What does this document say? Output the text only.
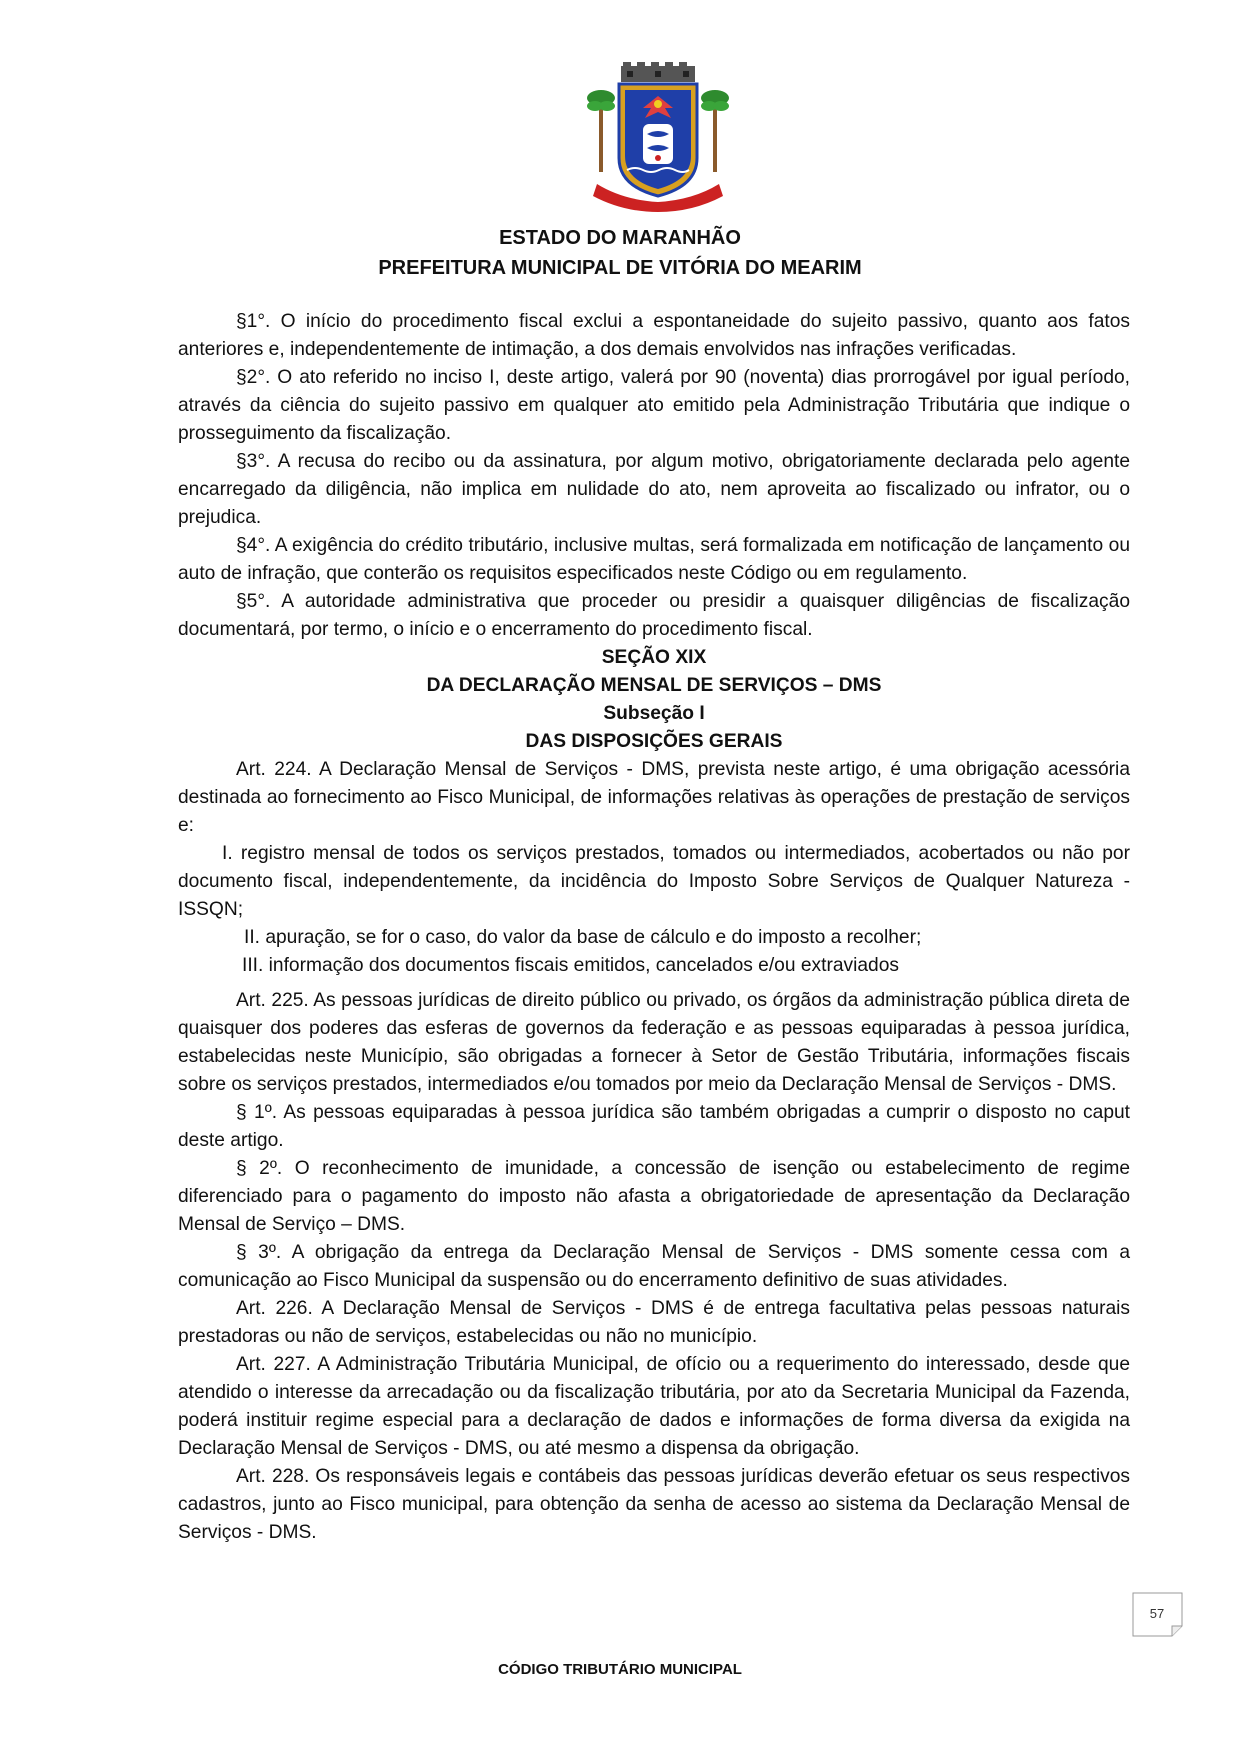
ESTADO DO MARANHÃO
PREFEITURA MUNICIPAL DE VITÓRIA DO MEARIM

§1°. O início do procedimento fiscal exclui a espontaneidade do sujeito passivo, quanto aos fatos anteriores e, independentemente de intimação, a dos demais envolvidos nas infrações verificadas.

§2°. O ato referido no inciso I, deste artigo, valerá por 90 (noventa) dias prorrogável por igual período, através da ciência do sujeito passivo em qualquer ato emitido pela Administração Tributária que indique o prosseguimento da fiscalização.

§3°. A recusa do recibo ou da assinatura, por algum motivo, obrigatoriamente declarada pelo agente encarregado da diligência, não implica em nulidade do ato, nem aproveita ao fiscalizado ou infrator, ou o prejudica.

§4°. A exigência do crédito tributário, inclusive multas, será formalizada em notificação de lançamento ou auto de infração, que conterão os requisitos especificados neste Código ou em regulamento.

§5°. A autoridade administrativa que proceder ou presidir a quaisquer diligências de fiscalização documentará, por termo, o início e o encerramento do procedimento fiscal.

SEÇÃO XIX

DA DECLARAÇÃO MENSAL DE SERVIÇOS – DMS

Subseção I

DAS DISPOSIÇÕES GERAIS

Art. 224. A Declaração Mensal de Serviços - DMS, prevista neste artigo, é uma obrigação acessória destinada ao fornecimento ao Fisco Municipal, de informações relativas às operações de prestação de serviços e:

I. registro mensal de todos os serviços prestados, tomados ou intermediados, acobertados ou não por documento fiscal, independentemente, da incidência do Imposto Sobre Serviços de Qualquer Natureza - ISSQN;

II. apuração, se for o caso, do valor da base de cálculo e do imposto a recolher;

III. informação dos documentos fiscais emitidos, cancelados e/ou extraviados

Art. 225. As pessoas jurídicas de direito público ou privado, os órgãos da administração pública direta de quaisquer dos poderes das esferas de governos da federação e as pessoas equiparadas à pessoa jurídica, estabelecidas neste Município, são obrigadas a fornecer à Setor de Gestão Tributária, informações fiscais sobre os serviços prestados, intermediados e/ou tomados por meio da Declaração Mensal de Serviços - DMS.

§ 1º. As pessoas equiparadas à pessoa jurídica são também obrigadas a cumprir o disposto no caput deste artigo.

§ 2º. O reconhecimento de imunidade, a concessão de isenção ou estabelecimento de regime diferenciado para o pagamento do imposto não afasta a obrigatoriedade de apresentação da Declaração Mensal de Serviço – DMS.

§ 3º. A obrigação da entrega da Declaração Mensal de Serviços - DMS somente cessa com a comunicação ao Fisco Municipal da suspensão ou do encerramento definitivo de suas atividades.

Art. 226. A Declaração Mensal de Serviços - DMS é de entrega facultativa pelas pessoas naturais prestadoras ou não de serviços, estabelecidas ou não no município.

Art. 227. A Administração Tributária Municipal, de ofício ou a requerimento do interessado, desde que atendido o interesse da arrecadação ou da fiscalização tributária, por ato da Secretaria Municipal da Fazenda, poderá instituir regime especial para a declaração de dados e informações de forma diversa da exigida na Declaração Mensal de Serviços - DMS, ou até mesmo a dispensa da obrigação.

Art. 228. Os responsáveis legais e contábeis das pessoas jurídicas deverão efetuar os seus respectivos cadastros, junto ao Fisco municipal, para obtenção da senha de acesso ao sistema da Declaração Mensal de Serviços - DMS.

57
CÓDIGO TRIBUTÁRIO MUNICIPAL
